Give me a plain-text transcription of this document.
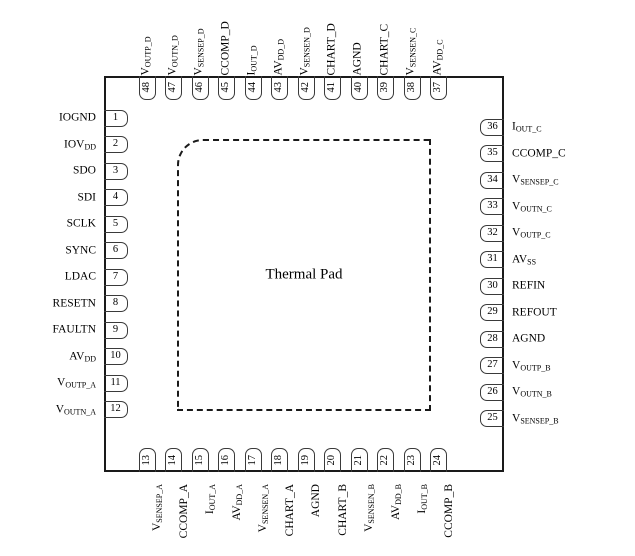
Thermal Pad
1
IOGND
2
$IOV_{DD}$
3
SDO
4
SDI
5
SCLK
6
SYNC
7
LDAC
8
RESETN
9
FAULTN
10
$AV_{DD}$
11
$V_{OUTP\_A}$
12
$V_{OUTN\_A}$
36 $I_{OUT\_C}$
35 CCOMP_C
34 $V_{SENSEP\_C}$
33 $V_{OUTN\_C}$
32 $V_{OUTP\_C}$
31 $AV_{SS}$
30 REFIN
29 REFOUT
28 AGND
27 $V_{OUTP\_B}$
26 $V_{OUTN\_B}$
25 $V_{SENSEP\_B}$
48
$V_{OUTP\_D}$
47
$V_{OUTN\_D}$
46
$V_{SENSEP\_D}$
45
CCOMP_D
44
$I_{OUT\_D}$
43
$AV_{DD\_D}$
42
$V_{SENSEN\_D}$
41
CHART_D
40
AGND
39
CHART_C
38
$V_{SENSEN\_C}$
37
$AV_{DD\_C}$
13
$V_{SENSEP\_A}$
14
CCOMP_A
15
$I_{OUT\_A}$
16
$AV_{DD\_A}$
17
$V_{SENSEN\_A}$
18
CHART_A
19
AGND
20
CHART_B
21
$V_{SENSEN\_B}$
22
$AV_{DD\_B}$
23
$I_{OUT\_B}$
24
CCOMP_B
